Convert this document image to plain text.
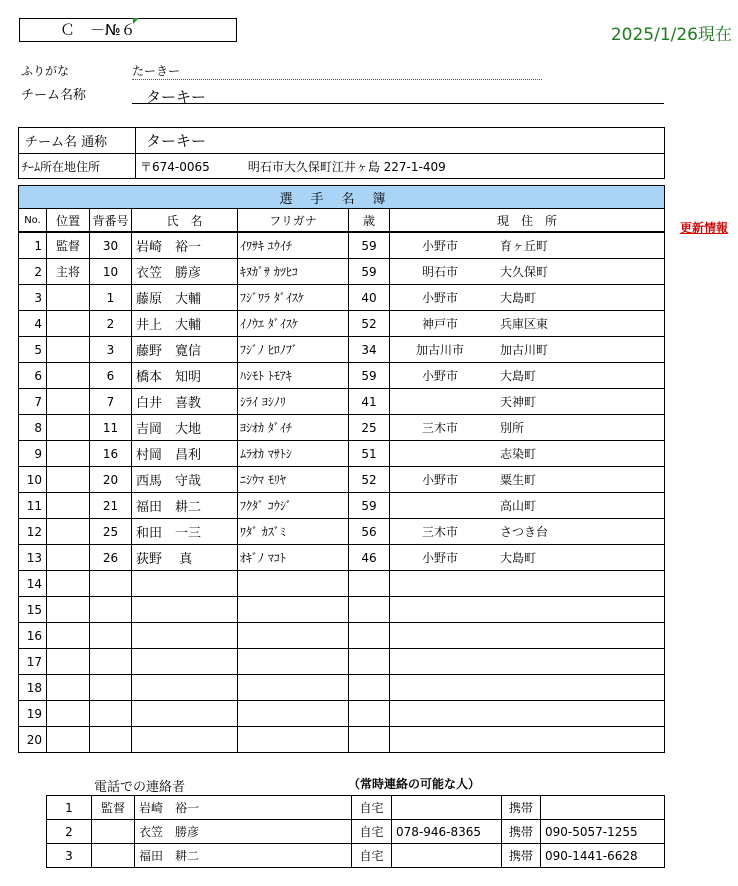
Ｃ　－№６	2025/1/26現在
ふりがな	たーきー
チーム名称	ターキー
チーム名 通称	ターキー
ﾁｰﾑ所在地住所	〒674-0065 明石市大久保町江井ヶ島 227-1-409
選手名簿						
No.	位置	背番号	氏　名	フリガナ	歳	現　住　所
1	監督	30	岩崎　裕一	ｲﾜｻｷ ﾕｳｲﾁ	59	小野市 育ヶ丘町
2	主将	10	衣笠　勝彦	ｷﾇｶﾞｻ ｶﾂﾋｺ	59	明石市 大久保町
3		1	藤原　大輔	ﾌｼﾞﾜﾗ ﾀﾞｲｽｹ	40	小野市 大島町
4		2	井上　大輔	ｲﾉｳｴ ﾀﾞｲｽｹ	52	神戸市 兵庫区東
5		3	藤野　寛信	ﾌｼﾞﾉ ﾋﾛﾉﾌﾞ	34	加古川市 加古川町
6		6	橋本　知明	ﾊｼﾓﾄ ﾄﾓｱｷ	59	小野市 大島町
7		7	白井　喜教	ｼﾗｲ ﾖｼﾉﾘ	41	天神町
8		11	吉岡　大地	ﾖｼｵｶ ﾀﾞｲﾁ	25	三木市 別所
9		16	村岡　昌利	ﾑﾗｵｶ ﾏｻﾄｼ	51	志染町
10		20	西馬　守哉	ﾆｼｳﾏ ﾓﾘﾔ	52	小野市 粟生町
11		21	福田　耕二	ﾌｸﾀﾞ ｺｳｼﾞ	59	高山町
12		25	和田　一三	ﾜﾀﾞ ｶｽﾞﾐ	56	三木市 さつき台
13		26	荻野　 真	ｵｷﾞﾉ ﾏｺﾄ	46	小野市 大島町
14						
15						
16						
17						
18						
19						
20						
更新情報
電話での連絡者	（常時連絡の可能な人）
1	監督	岩崎　裕一	自宅		携帯	
2		衣笠　勝彦	自宅	078-946-8365	携帯	090-5057-1255
3		福田　耕二	自宅		携帯	090-1441-6628
